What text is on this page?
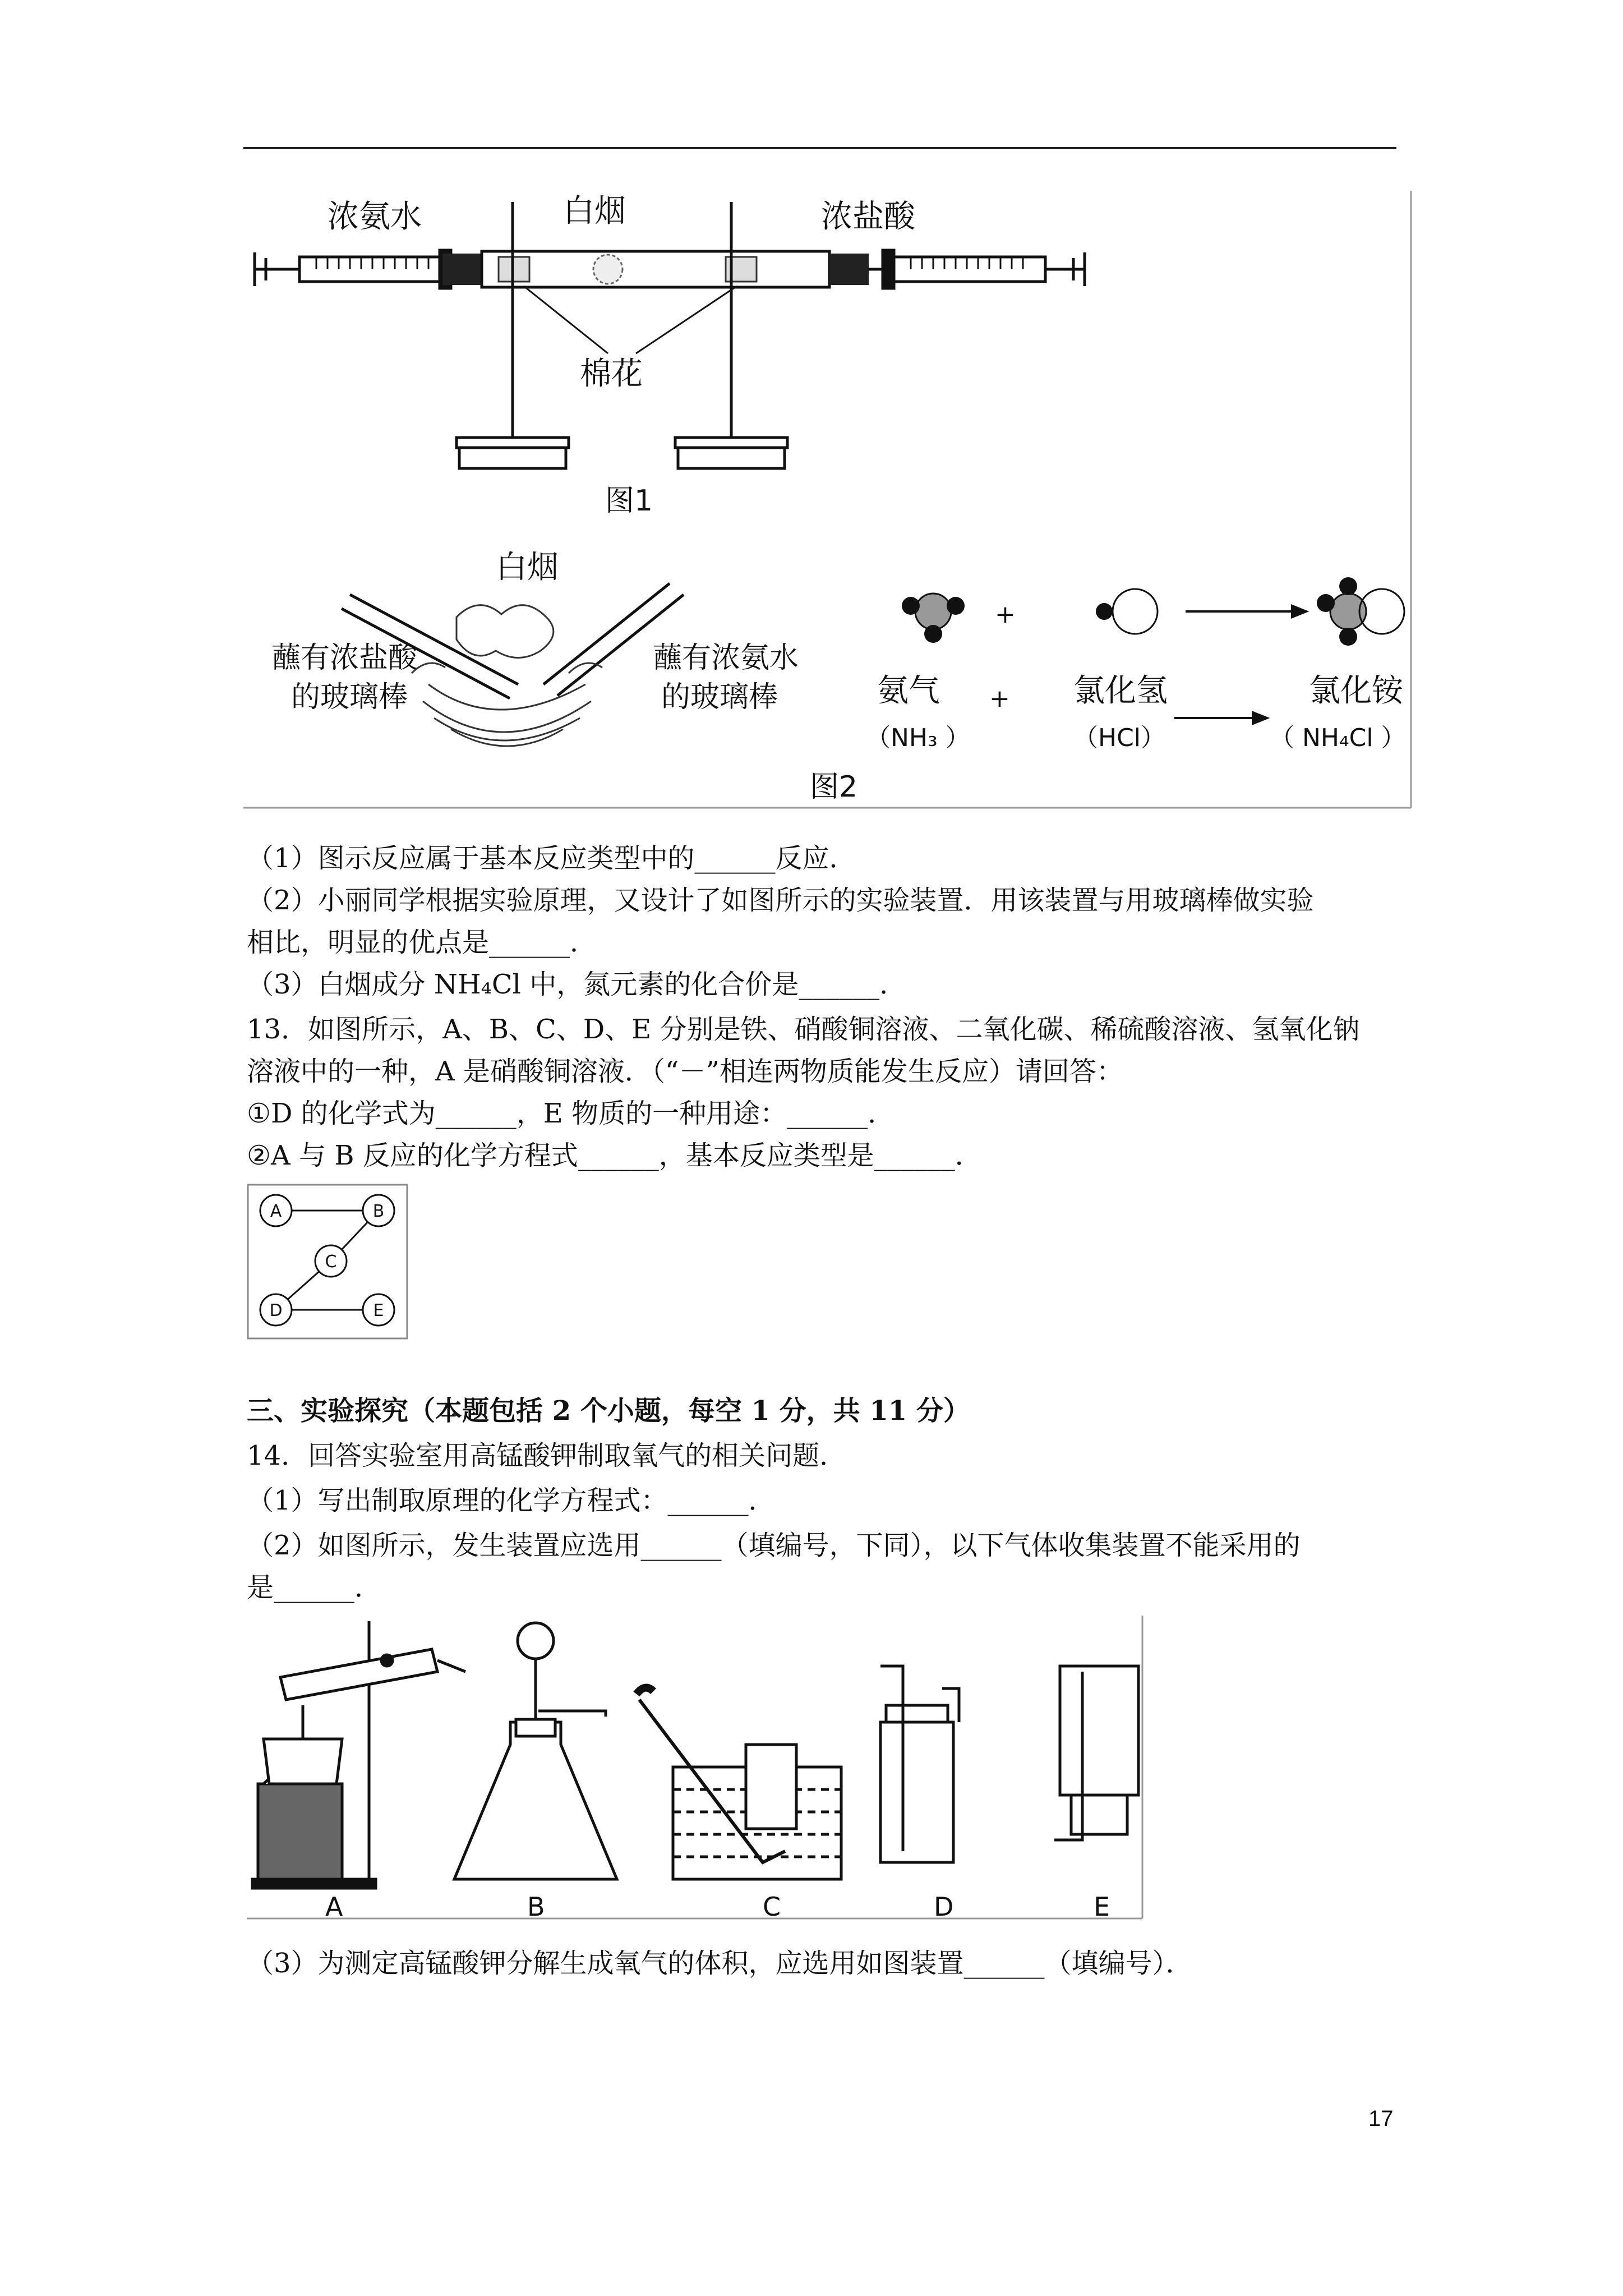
浓氨水	白烟	浓盐酸
棉花
图1
白烟
蘸有浓盐酸
的玻璃棒
蘸有浓氨水
的玻璃棒
+
氨气 + 氯化氢	氯化铵
（NH₃ ）	（HCl）	（ NH₄Cl ）
图2
（1）图示反应属于基本反应类型中的______反应．
（2）小丽同学根据实验原理，又设计了如图所示的实验装置．用该装置与用玻璃棒做实验
相比，明显的优点是______．
（3）白烟成分 NH₄Cl 中，氮元素的化合价是______．
13．如图所示，A、B、C、D、E 分别是铁、硝酸铜溶液、二氧化碳、稀硫酸溶液、氢氧化钠
溶液中的一种，A 是硝酸铜溶液．（“－”相连两物质能发生反应）请回答：
①D 的化学式为______，E 物质的一种用途：______．
②A 与 B 反应的化学方程式______，基本反应类型是______．
A	B
C
D	E
三、实验探究（本题包括 2 个小题，每空 1 分，共 11 分）
14．回答实验室用高锰酸钾制取氧气的相关问题．
（1）写出制取原理的化学方程式：______．
（2）如图所示，发生装置应选用______（填编号，下同），以下气体收集装置不能采用的
是______．
A	B	C	D	E
（3）为测定高锰酸钾分解生成氧气的体积，应选用如图装置______（填编号）．
17
